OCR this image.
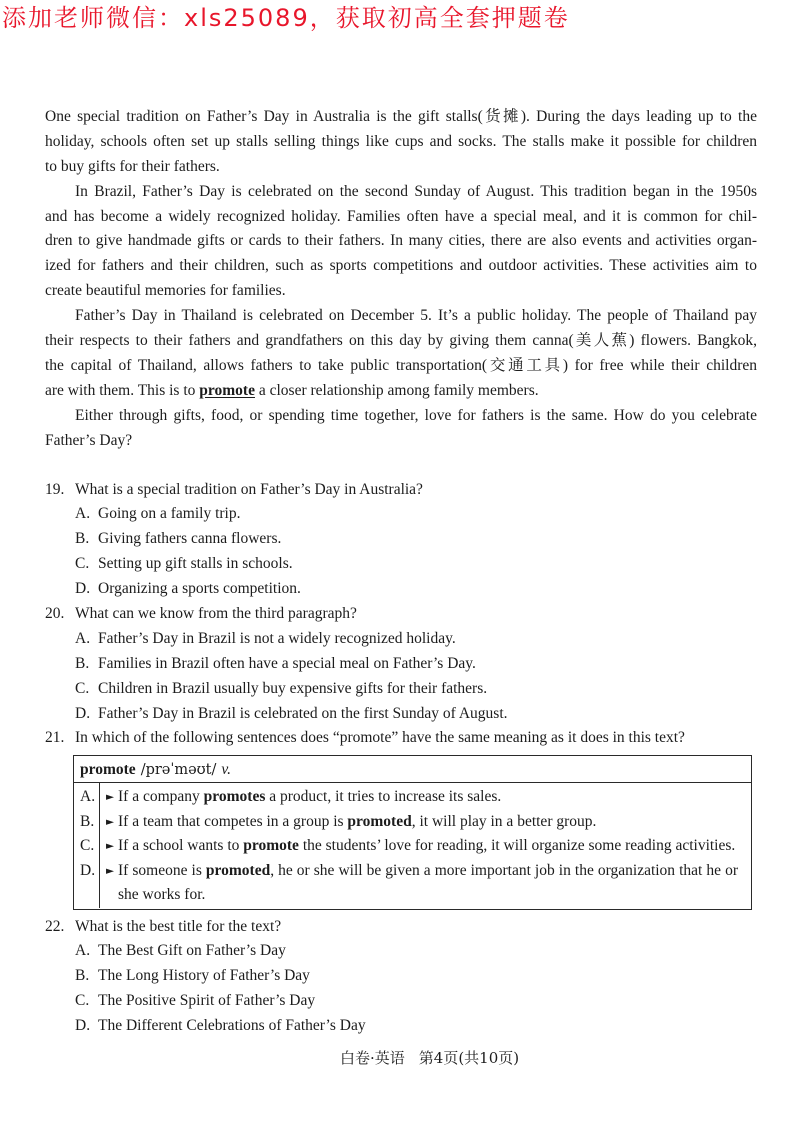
添加老师微信：xls25089，获取初高全套押题卷
One special tradition on Father’s Day in Australia is the gift stalls(货摊). During the days leading up to the
holiday, schools often set up stalls selling things like cups and socks. The stalls make it possible for children
to buy gifts for their fathers.
In Brazil, Father’s Day is celebrated on the second Sunday of August. This tradition began in the 1950s
and has become a widely recognized holiday. Families often have a special meal, and it is common for chil-
dren to give handmade gifts or cards to their fathers. In many cities, there are also events and activities organ-
ized for fathers and their children, such as sports competitions and outdoor activities. These activities aim to
create beautiful memories for families.
Father’s Day in Thailand is celebrated on December 5. It’s a public holiday. The people of Thailand pay
their respects to their fathers and grandfathers on this day by giving them canna(美人蕉) flowers. Bangkok,
the capital of Thailand, allows fathers to take public transportation(交通工具) for free while their children
are with them. This is to promote a closer relationship among family members.
Either through gifts, food, or spending time together, love for fathers is the same. How do you celebrate
Father’s Day?
19. What is a special tradition on Father’s Day in Australia?
A. Going on a family trip.
B. Giving fathers canna flowers.
C. Setting up gift stalls in schools.
D. Organizing a sports competition.
20. What can we know from the third paragraph?
A. Father’s Day in Brazil is not a widely recognized holiday.
B. Families in Brazil often have a special meal on Father’s Day.
C. Children in Brazil usually buy expensive gifts for their fathers.
D. Father’s Day in Brazil is celebrated on the first Sunday of August.
21. In which of the following sentences does “promote” have the same meaning as it does in this text?
promote /prəˈməʊt/ v.
A.	► If a company promotes a product, it tries to increase its sales.
B.	► If a team that competes in a group is promoted, it will play in a better group.
C.	► If a school wants to promote the students’ love for reading, it will organize some reading activities.
D.	► If someone is promoted, he or she will be given a more important job in the organization that he or
she works for.
22. What is the best title for the text?
A. The Best Gift on Father’s Day
B. The Long History of Father’s Day
C. The Positive Spirit of Father’s Day
D. The Different Celebrations of Father’s Day
白卷·英语 第4页(共10页)
